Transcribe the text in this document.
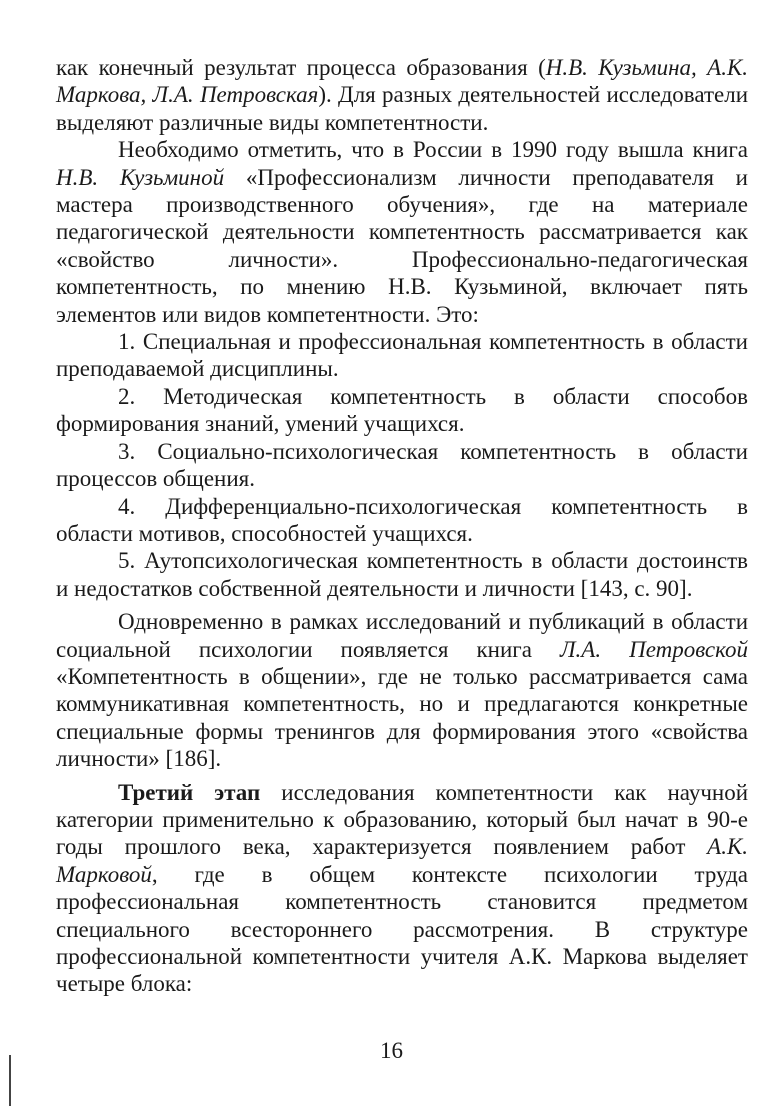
как конечный результат процесса образования (Н.В. Кузьмина, А.К. Маркова, Л.А. Петровская). Для разных деятельностей исследователи выделяют различные виды компетентности.

Необходимо отметить, что в России в 1990 году вышла книга Н.В. Кузьминой «Профессионализм личности преподавателя и мастера производственного обучения», где на материале педагогической деятельности компетентность рассматривается как «свойство личности». Профессионально-педагогическая компетентность, по мнению Н.В. Кузьминой, включает пять элементов или видов компетентности. Это:

1. Специальная и профессиональная компетентность в области преподаваемой дисциплины.

2. Методическая компетентность в области способов формирования знаний, умений учащихся.

3. Социально-психологическая компетентность в области процессов общения.

4. Дифференциально-психологическая компетентность в области мотивов, способностей учащихся.

5. Аутопсихологическая компетентность в области достоинств и недостатков собственной деятельности и личности [143, с. 90].

Одновременно в рамках исследований и публикаций в области социальной психологии появляется книга Л.А. Петровской «Компетентность в общении», где не только рассматривается сама коммуникативная компетентность, но и предлагаются конкретные специальные формы тренингов для формирования этого «свойства личности» [186].

Третий этап исследования компетентности как научной категории применительно к образованию, который был начат в 90-е годы прошлого века, характеризуется появлением работ А.К. Марковой, где в общем контексте психологии труда профессиональная компетентность становится предметом специального всестороннего рассмотрения. В структуре профессиональной компетентности учителя А.К. Маркова выделяет четыре блока:

16
